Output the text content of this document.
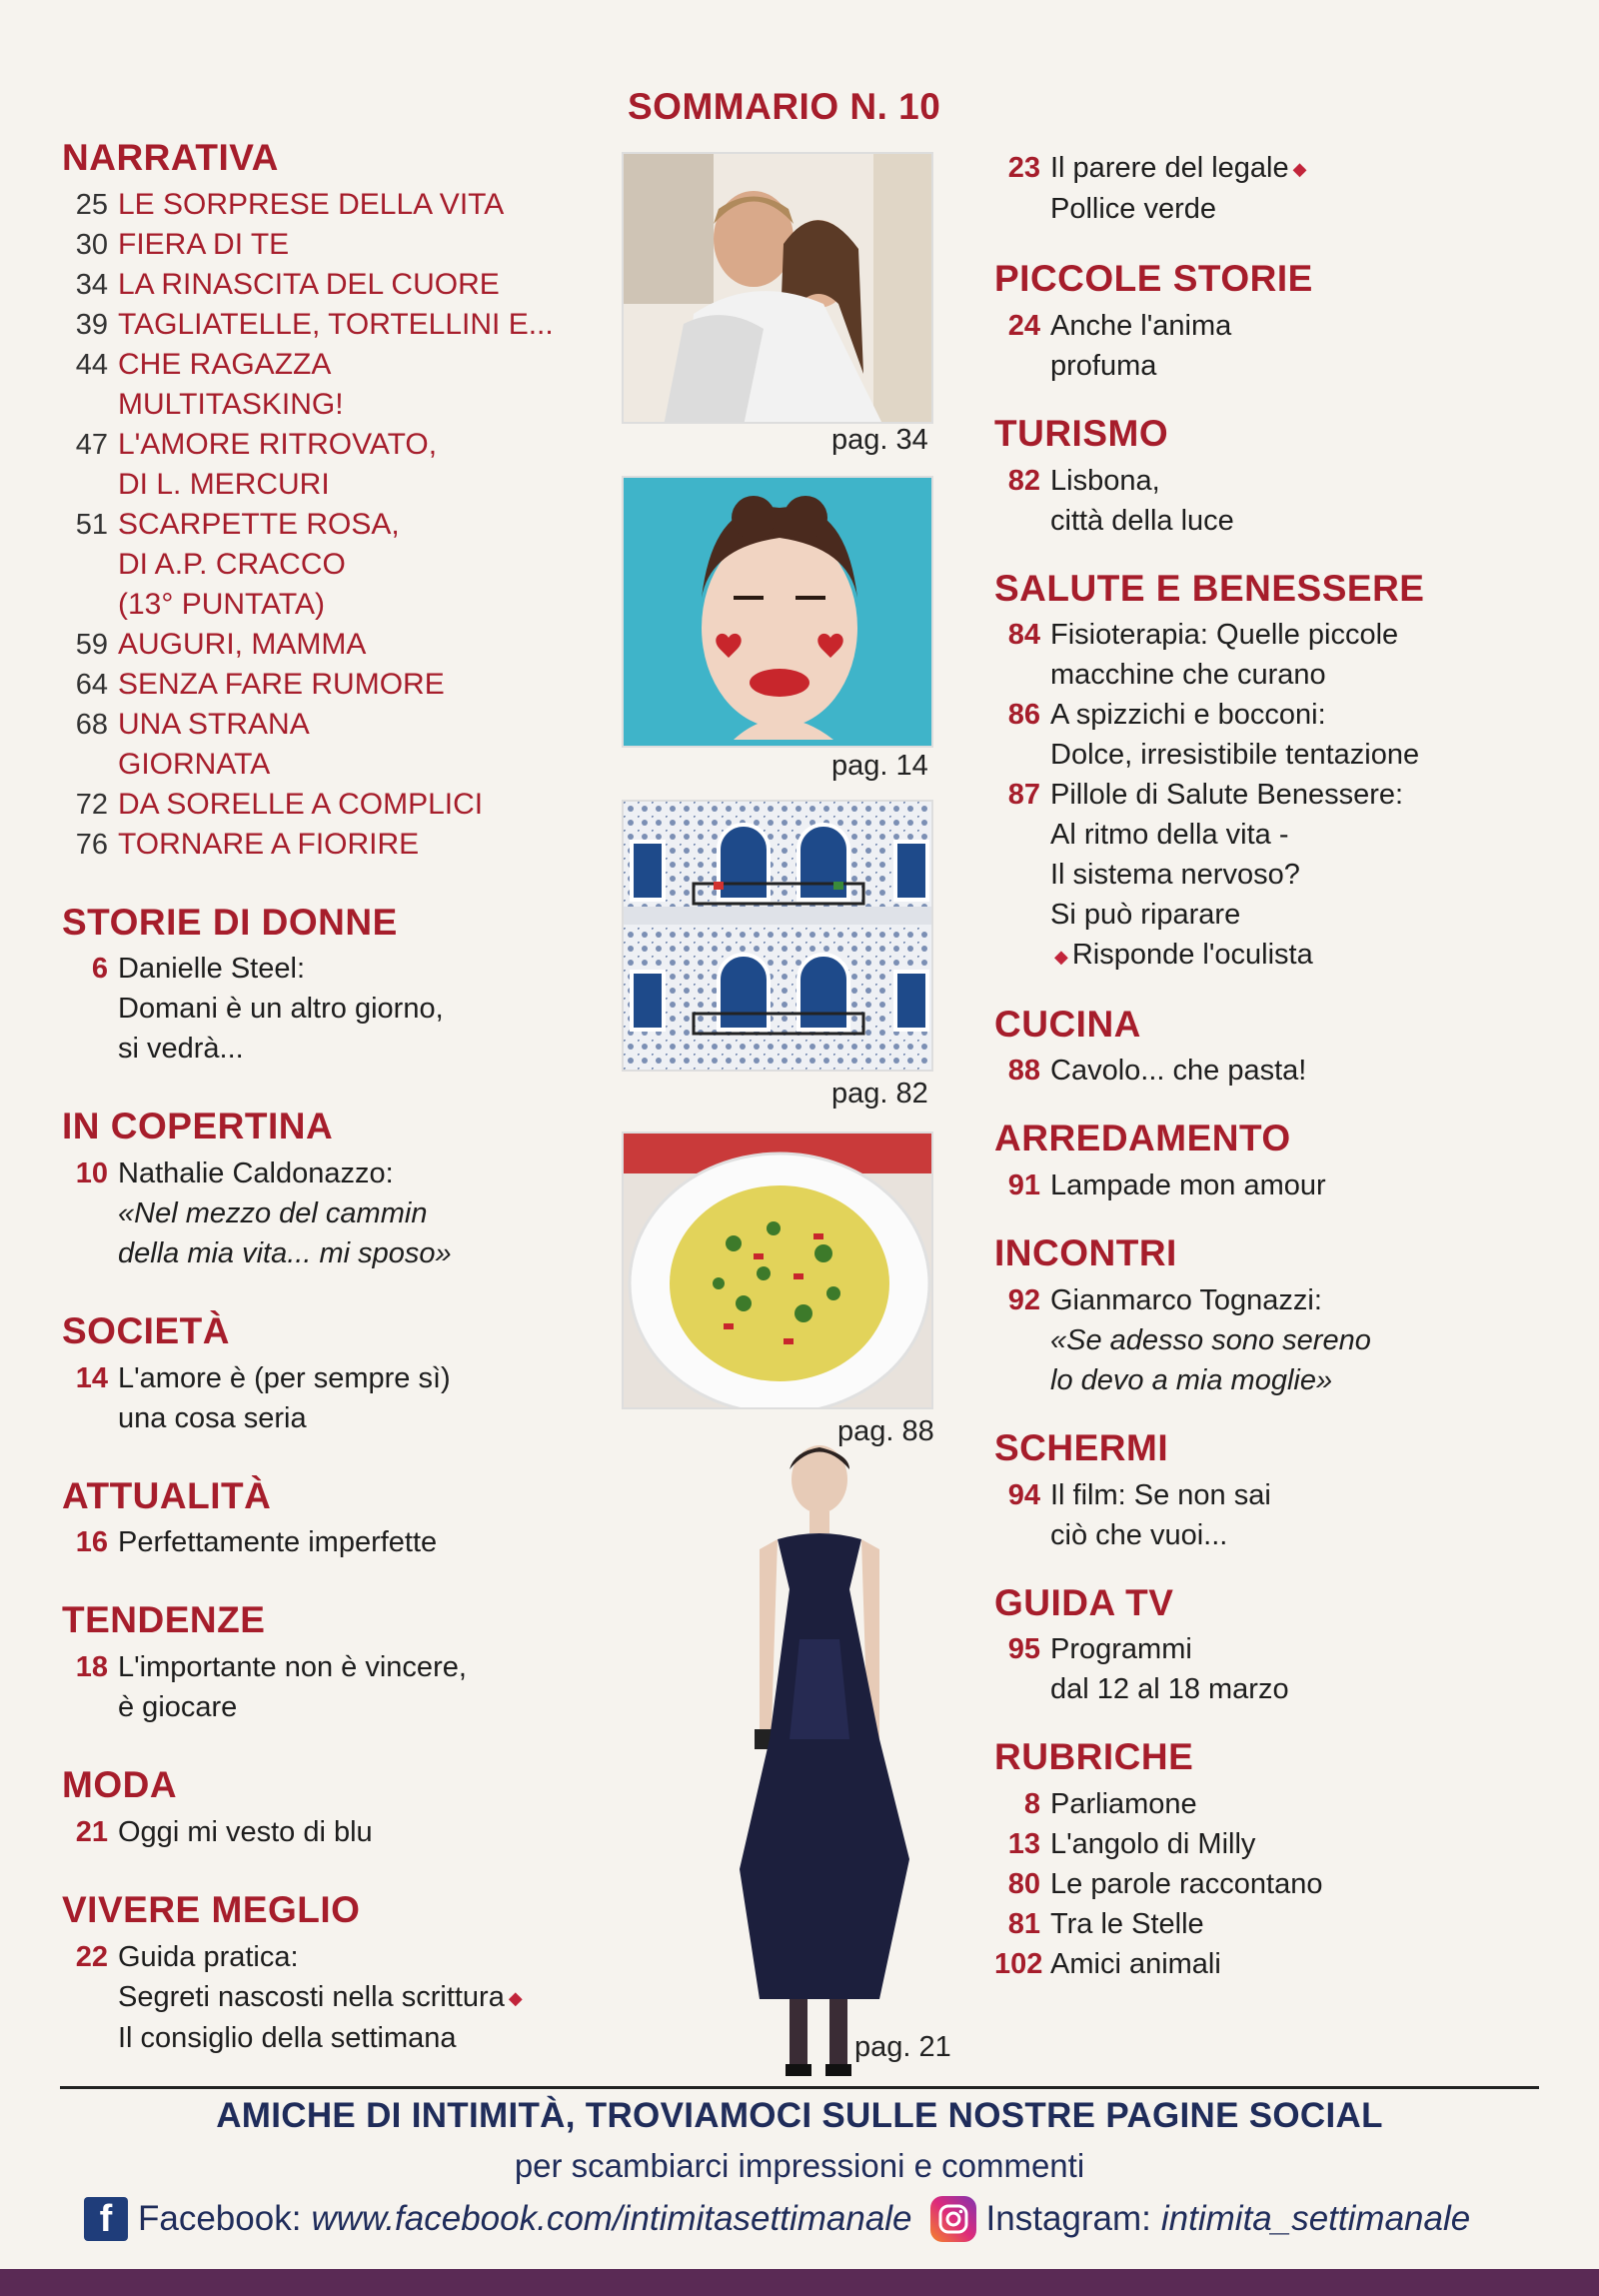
NARRATIVA
25 LE SORPRESE DELLA VITA
30 FIERA DI TE
34 LA RINASCITA DEL CUORE
39 TAGLIATELLE, TORTELLINI E...
44 CHE RAGAZZA
MULTITASKING!
47 L'AMORE RITROVATO,
DI L. MERCURI
51 SCARPETTE ROSA,
DI A.P. CRACCO
(13° PUNTATA)
59 AUGURI, MAMMA
64 SENZA FARE RUMORE
68 UNA STRANA
GIORNATA
72 DA SORELLE A COMPLICI
76 TORNARE A FIORIRE
STORIE DI DONNE
6 Danielle Steel:
Domani è un altro giorno,
si vedrà...
IN COPERTINA
10 Nathalie Caldonazzo:
«Nel mezzo del cammin
della mia vita... mi sposo»
SOCIETÀ
14 L'amore è (per sempre sì)
una cosa seria
ATTUALITÀ
16 Perfettamente imperfette
TENDENZE
18 L'importante non è vincere,
è giocare
MODA
21 Oggi mi vesto di blu
VIVERE MEGLIO
22 Guida pratica:
Segreti nascosti nella scrittura ◆
Il consiglio della settimana
SOMMARIO N. 10
pag. 34
pag. 14
pag. 82
pag. 88
pag. 21
23 Il parere del legale ◆
Pollice verde
PICCOLE STORIE
24 Anche l'anima
profuma
TURISMO
82 Lisbona,
città della luce
SALUTE E BENESSERE
84 Fisioterapia: Quelle piccole
macchine che curano
86 A spizzichi e bocconi:
Dolce, irresistibile tentazione
87 Pillole di Salute Benessere:
Al ritmo della vita -
Il sistema nervoso?
Si può riparare
◆ Risponde l'oculista
CUCINA
88 Cavolo... che pasta!
ARREDAMENTO
91 Lampade mon amour
INCONTRI
92 Gianmarco Tognazzi:
«Se adesso sono sereno
lo devo a mia moglie»
SCHERMI
94 Il film: Se non sai
ciò che vuoi...
GUIDA TV
95 Programmi
dal 12 al 18 marzo
RUBRICHE
8 Parliamone
13 L'angolo di Milly
80 Le parole raccontano
81 Tra le Stelle
102 Amici animali
AMICHE DI INTIMITÀ, TROVIAMOCI SULLE NOSTRE PAGINE SOCIAL
per scambiarci impressioni e commenti
f Facebook: www.facebook.com/intimitasettimanale Instagram: intimita_settimanale
